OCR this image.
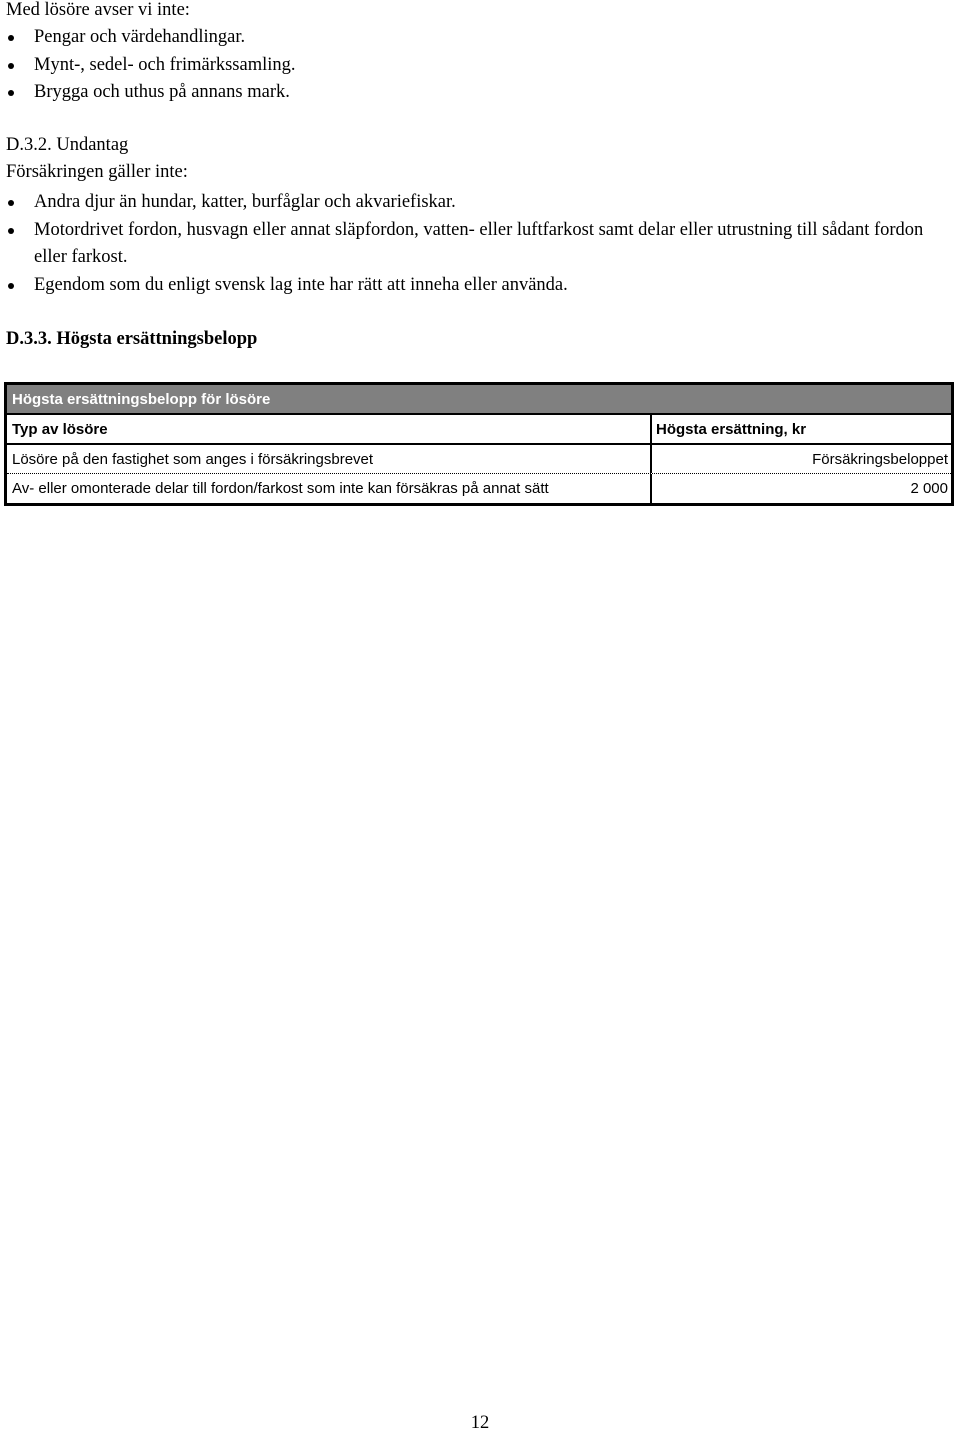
Med lösöre avser vi inte:
Pengar och värdehandlingar.
Mynt-, sedel- och frimärkssamling.
Brygga och uthus på annans mark.
D.3.2. Undantag
Försäkringen gäller inte:
Andra djur än hundar, katter, burfåglar och akvariefiskar.
Motordrivet fordon, husvagn eller annat släpfordon, vatten- eller luftfarkost samt delar eller utrustning till sådant fordon eller farkost.
Egendom som du enligt svensk lag inte har rätt att inneha eller använda.
D.3.3. Högsta ersättningsbelopp
Högsta ersättningsbelopp för lösöre
Typ av lösöre	Högsta ersättning, kr
Lösöre på den fastighet som anges i försäkringsbrevet	Försäkringsbeloppet
Av- eller omonterade delar till fordon/farkost som inte kan försäkras på annat sätt	2 000
12
